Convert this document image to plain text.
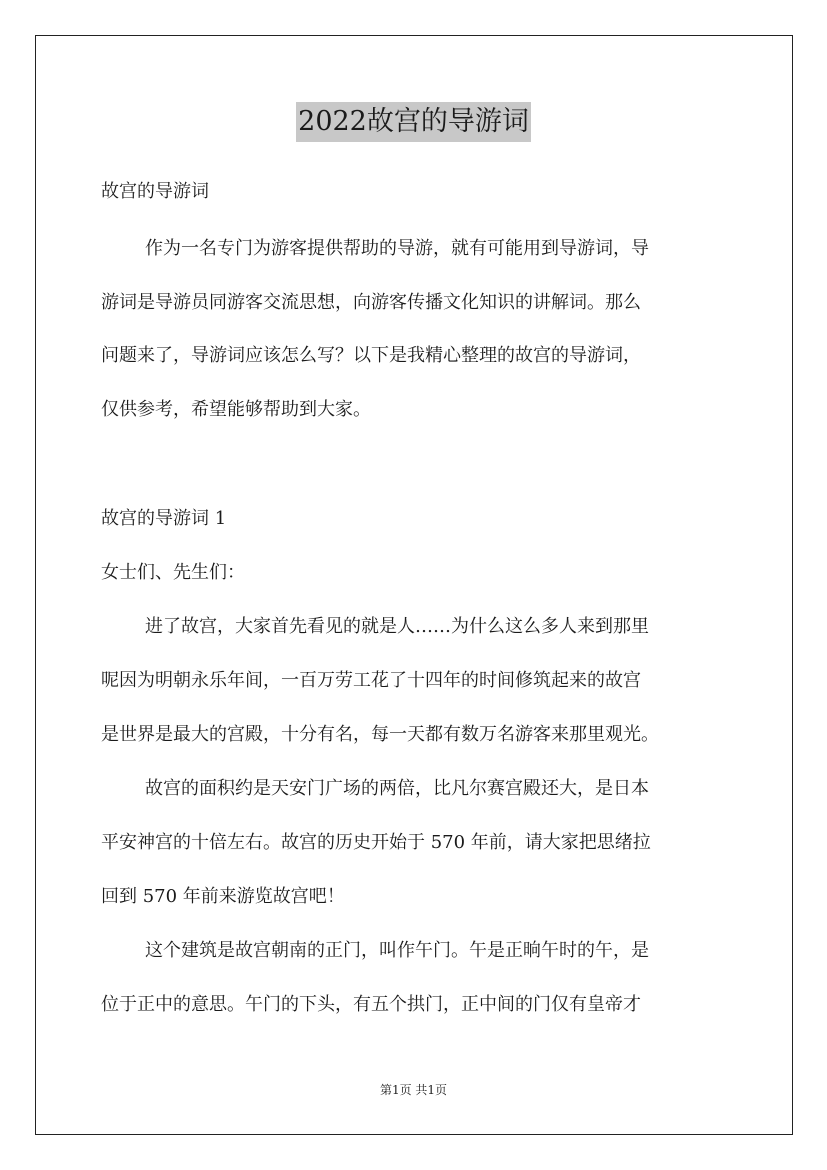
2022故宫的导游词
故宫的导游词
作为一名专门为游客提供帮助的导游，就有可能用到导游词，导
游词是导游员同游客交流思想，向游客传播文化知识的讲解词。那么
问题来了，导游词应该怎么写？以下是我精心整理的故宫的导游词，
仅供参考，希望能够帮助到大家。
故宫的导游词 1
女士们、先生们：
进了故宫，大家首先看见的就是人……为什么这么多人来到那里
呢因为明朝永乐年间，一百万劳工花了十四年的时间修筑起来的故宫
是世界是最大的宫殿，十分有名，每一天都有数万名游客来那里观光。
故宫的面积约是天安门广场的两倍，比凡尔赛宫殿还大，是日本
平安神宫的十倍左右。故宫的历史开始于 570 年前，请大家把思绪拉
回到 570 年前来游览故宫吧！
这个建筑是故宫朝南的正门，叫作午门。午是正晌午时的午，是
位于正中的意思。午门的下头，有五个拱门，正中间的门仅有皇帝才
第1页 共1页
